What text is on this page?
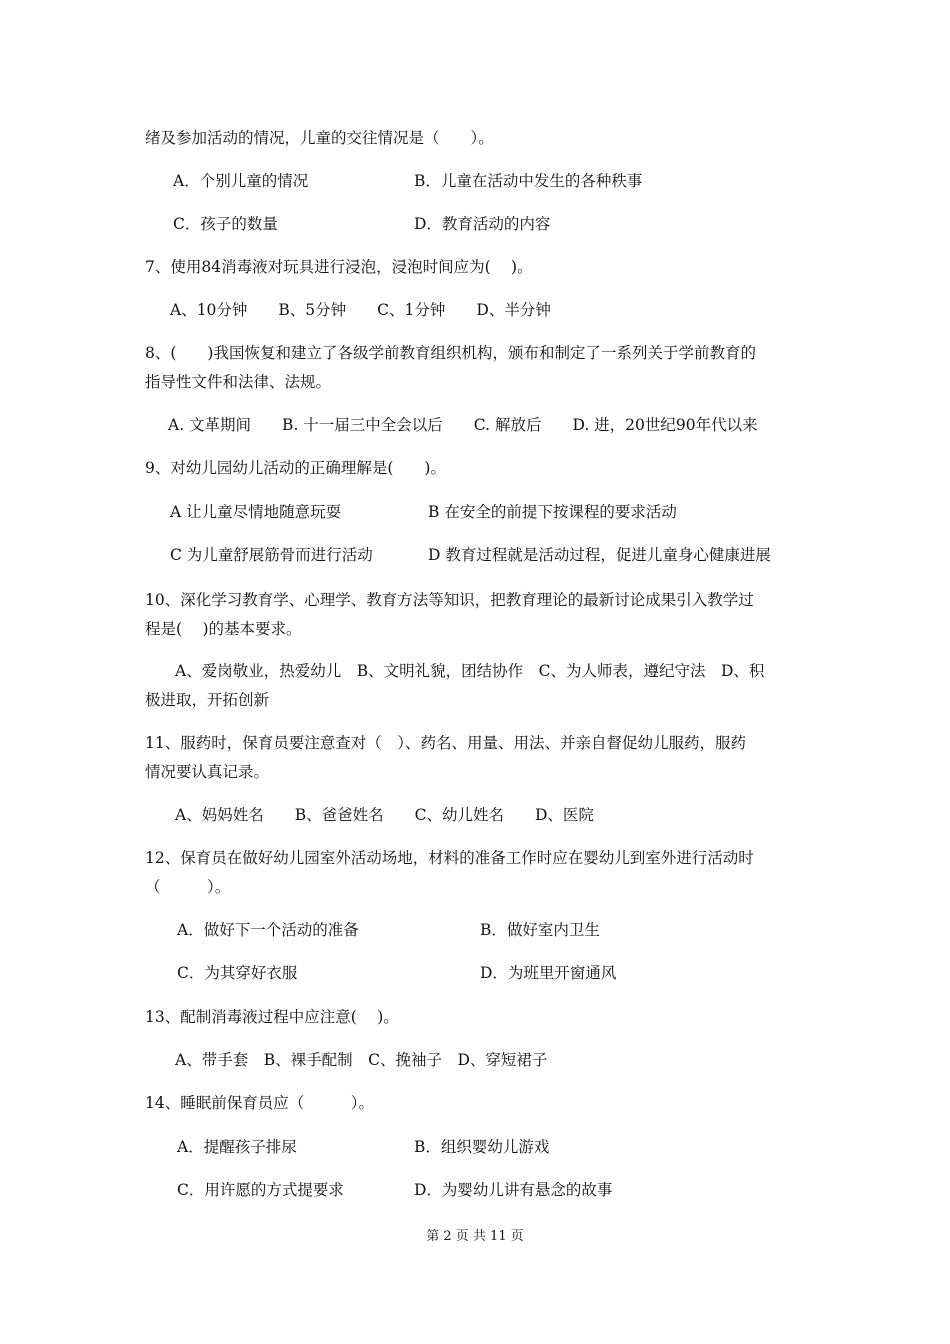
绪及参加活动的情况，儿童的交往情况是（　　）。
A．个别儿童的情况	B．儿童在活动中发生的各种秩事
C．孩子的数量	D．教育活动的内容
7、使用84消毒液对玩具进行浸泡，浸泡时间应为(　 )。
A、10分钟　　B、5分钟　　C、1分钟　　D、半分钟
8、(　　)我国恢复和建立了各级学前教育组织机构，颁布和制定了一系列关于学前教育的
指导性文件和法律、法规。
A. 文革期间　　B. 十一届三中全会以后　　C. 解放后　　D. 进，20世纪90年代以来
9、对幼儿园幼儿活动的正确理解是(　　)。
A 让儿童尽情地随意玩耍	B 在安全的前提下按课程的要求活动
C 为儿童舒展筋骨而进行活动	D 教育过程就是活动过程，促进儿童身心健康进展
10、深化学习教育学、心理学、教育方法等知识，把教育理论的最新讨论成果引入教学过
程是(　 )的基本要求。
A、爱岗敬业，热爱幼儿　B、文明礼貌，团结协作　C、为人师表，遵纪守法　D、积
极进取，开拓创新
11、服药时，保育员要注意查对（　）、药名、用量、用法、并亲自督促幼儿服药，服药
情况要认真记录。
A、妈妈姓名　　B、爸爸姓名　　C、幼儿姓名　　D、医院
12、保育员在做好幼儿园室外活动场地，材料的准备工作时应在婴幼儿到室外进行活动时
（　　　）。
A．做好下一个活动的准备	B．做好室内卫生
C．为其穿好衣服	D．为班里开窗通风
13、配制消毒液过程中应注意(　 )。
A、带手套　B、裸手配制　C、挽袖子　D、穿短裙子
14、睡眠前保育员应（　　　）。
A．提醒孩子排尿	B．组织婴幼儿游戏
C．用许愿的方式提要求	D．为婴幼儿讲有悬念的故事
第 2 页 共 11 页
